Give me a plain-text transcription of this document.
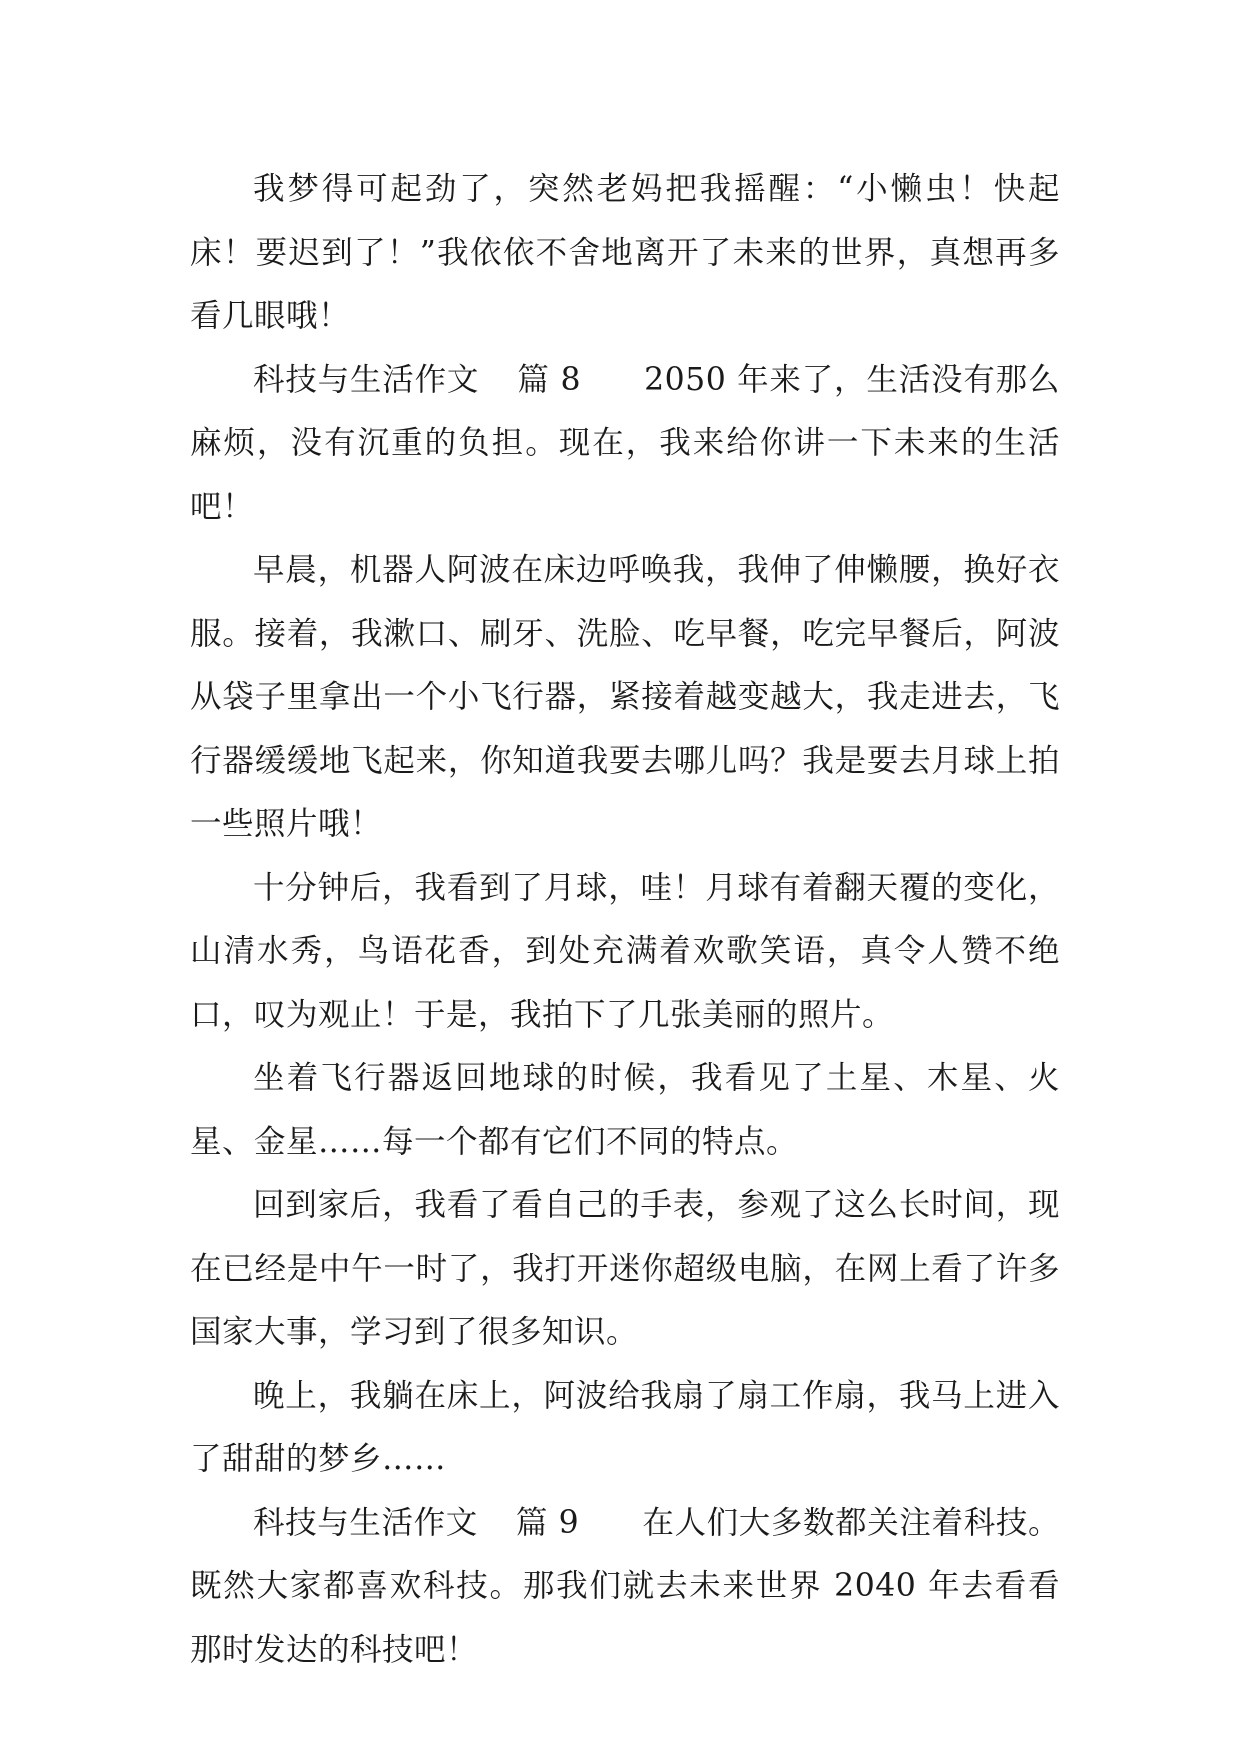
我梦得可起劲了，突然老妈把我摇醒：“小懒虫！快起床！要迟到了！”我依依不舍地离开了未来的世界，真想再多看几眼哦！

科技与生活作文 篇 8 2050 年来了，生活没有那么麻烦，没有沉重的负担。现在，我来给你讲一下未来的生活吧！

早晨，机器人阿波在床边呼唤我，我伸了伸懒腰，换好衣服。接着，我漱口、刷牙、洗脸、吃早餐，吃完早餐后，阿波从袋子里拿出一个小飞行器，紧接着越变越大，我走进去，飞行器缓缓地飞起来，你知道我要去哪儿吗？我是要去月球上拍一些照片哦！

十分钟后，我看到了月球，哇！月球有着翻天覆的变化，山清水秀，鸟语花香，到处充满着欢歌笑语，真令人赞不绝口，叹为观止！于是，我拍下了几张美丽的照片。

坐着飞行器返回地球的时候，我看见了土星、木星、火星、金星……每一个都有它们不同的特点。

回到家后，我看了看自己的手表，参观了这么长时间，现在已经是中午一时了，我打开迷你超级电脑，在网上看了许多国家大事，学习到了很多知识。

晚上，我躺在床上，阿波给我扇了扇工作扇，我马上进入了甜甜的梦乡……

科技与生活作文 篇 9 在人们大多数都关注着科技。既然大家都喜欢科技。那我们就去未来世界 2040 年去看看那时发达的科技吧！
